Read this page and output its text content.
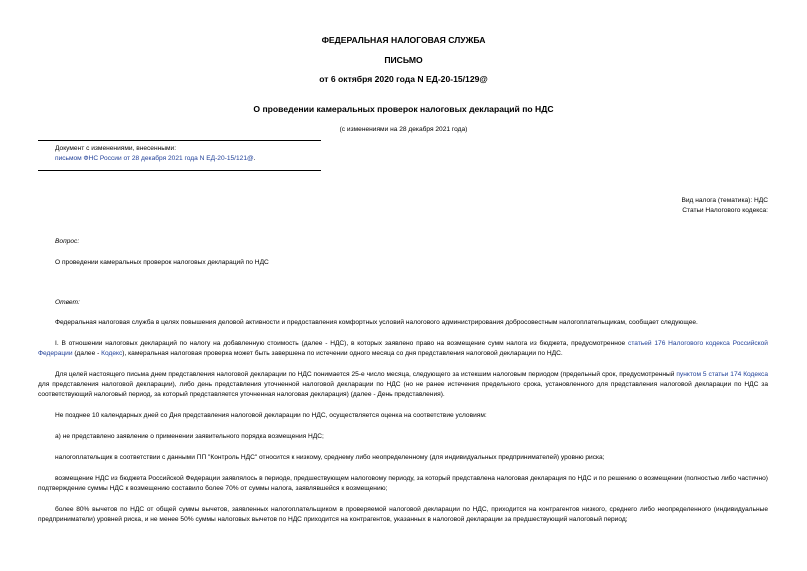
ФЕДЕРАЛЬНАЯ НАЛОГОВАЯ СЛУЖБА
ПИСЬМО
от 6 октября 2020 года N ЕД-20-15/129@
О проведении камеральных проверок налоговых деклараций по НДС
(с изменениями на 28 декабря 2021 года)
Документ с изменениями, внесенными:
письмом ФНС России от 28 декабря 2021 года N ЕД-20-15/121@.
Вид налога (тематика): НДС
Статьи Налогового кодекса:
Вопрос:
О проведении камеральных проверок налоговых деклараций по НДС
Ответ:
Федеральная налоговая служба в целях повышения деловой активности и предоставления комфортных условий налогового администрирования добросовестным налогоплательщикам, сообщает следующее.
I. В отношении налоговых деклараций по налогу на добавленную стоимость (далее - НДС), в которых заявлено право на возмещение сумм налога из бюджета, предусмотренное статьей 176 Налогового кодекса Российской Федерации (далее - Кодекс), камеральная налоговая проверка может быть завершена по истечении одного месяца со дня представления налоговой декларации по НДС.
Для целей настоящего письма днем представления налоговой декларации по НДС понимается 25-е число месяца, следующего за истекшим налоговым периодом (предельный срок, предусмотренный пунктом 5 статьи 174 Кодекса для представления налоговой декларации), либо день представления уточненной налоговой декларации по НДС (но не ранее истечения предельного срока, установленного для представления налоговой декларации по НДС за соответствующий налоговый период, за который представляется уточненная налоговая декларация) (далее - День представления).
Не позднее 10 календарных дней со Дня представления налоговой декларации по НДС, осуществляется оценка на соответствие условиям:
а) не представлено заявление о применении заявительного порядка возмещения НДС;
налогоплательщик в соответствии с данными ПП "Контроль НДС" относится к низкому, среднему либо неопределенному (для индивидуальных предпринимателей) уровню риска;
возмещение НДС из бюджета Российской Федерации заявлялось в периоде, предшествующем налоговому периоду, за который представлена налоговая декларация по НДС и по решению о возмещении (полностью либо частично) подтверждение суммы НДС к возмещению составило более 70% от суммы налога, заявлявшейся к возмещению;
более 80% вычетов по НДС от общей суммы вычетов, заявленных налогоплательщиком в проверяемой налоговой декларации по НДС, приходится на контрагентов низкого, среднего либо неопределенного (индивидуальные предприниматели) уровней риска, и не менее 50% суммы налоговых вычетов по НДС приходится на контрагентов, указанных в налоговой декларации за предшествующий налоговый период;
